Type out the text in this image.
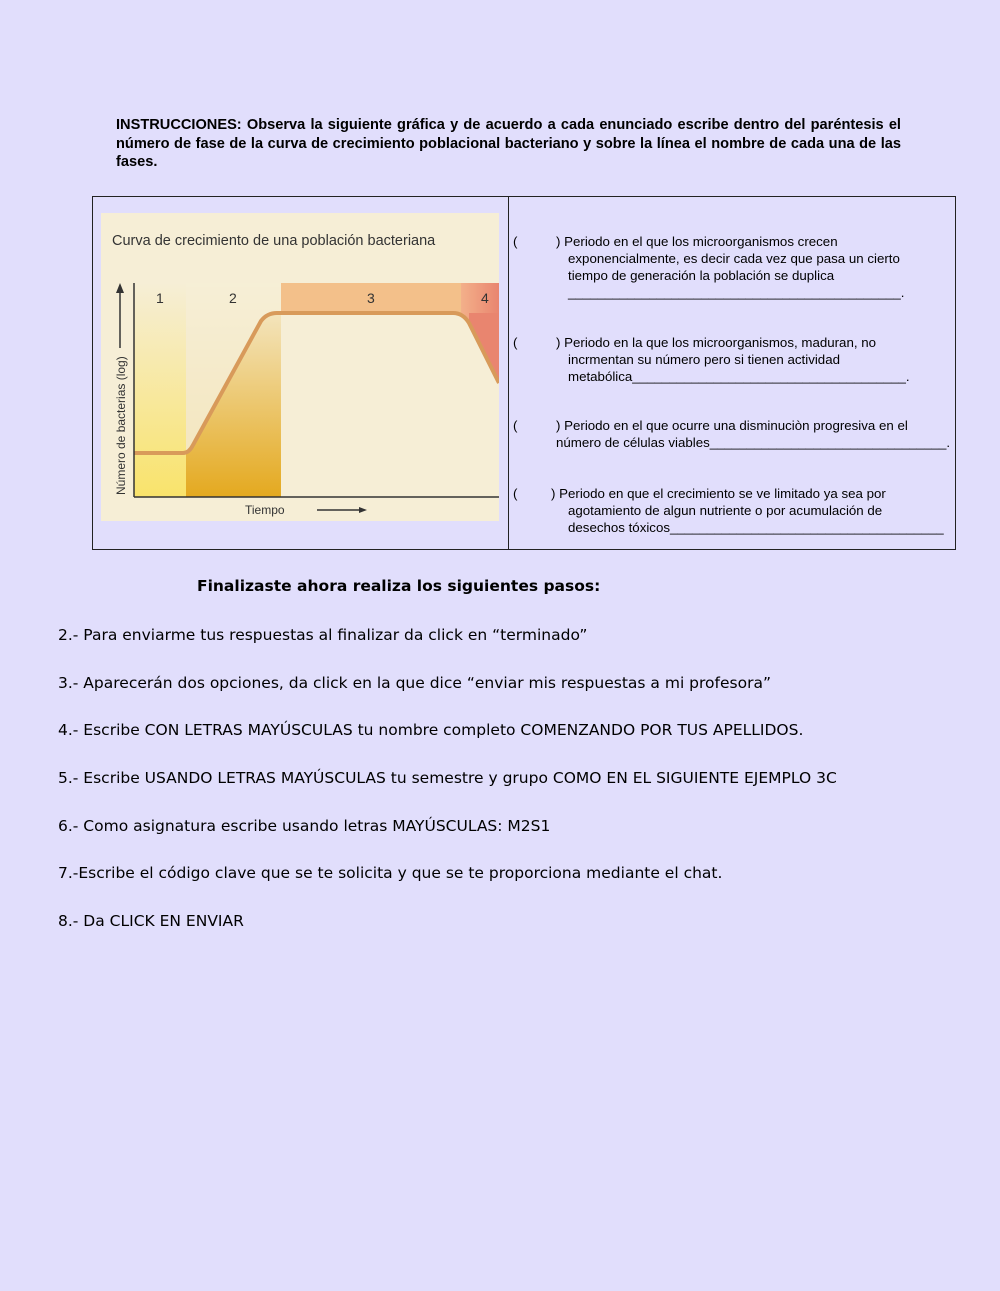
INSTRUCCIONES: Observa la siguiente gráfica y de acuerdo a cada enunciado escribe dentro del paréntesis el número de fase de la curva de crecimiento poblacional bacteriano y sobre la línea el nombre de cada una de las fases.

Curva de crecimiento de una población bacteriana
1	2	3	4
Tiempo
Número de bacterias (log)
(	) Periodo en el que los microorganismos crecen
exponencialmente, es decir cada vez que pasa un cierto
tiempo de generación la población se duplica
_____________________________________________.
(	) Periodo en la que los microorganismos, maduran, no
incrmentan su número pero si tienen actividad
metabólica_____________________________________.
(	) Periodo en el que ocurre una disminuciòn progresiva en el
número de células viables________________________________.
(	) Periodo en que el crecimiento se ve limitado ya sea por
agotamiento de algun nutriente o por acumulación de
desechos tóxicos_____________________________________
Finalizaste ahora realiza los siguientes pasos:
2.- Para enviarme tus respuestas al finalizar da click en “terminado”
3.- Aparecerán dos opciones, da click en la que dice “enviar mis respuestas a mi profesora”
4.- Escribe CON LETRAS MAYÚSCULAS tu nombre completo COMENZANDO POR TUS APELLIDOS.
5.- Escribe USANDO LETRAS MAYÚSCULAS tu semestre y grupo COMO EN EL SIGUIENTE EJEMPLO 3C
6.- Como asignatura escribe usando letras MAYÚSCULAS: M2S1
7.-Escribe el código clave que se te solicita y que se te proporciona mediante el chat.
8.- Da CLICK EN ENVIAR
